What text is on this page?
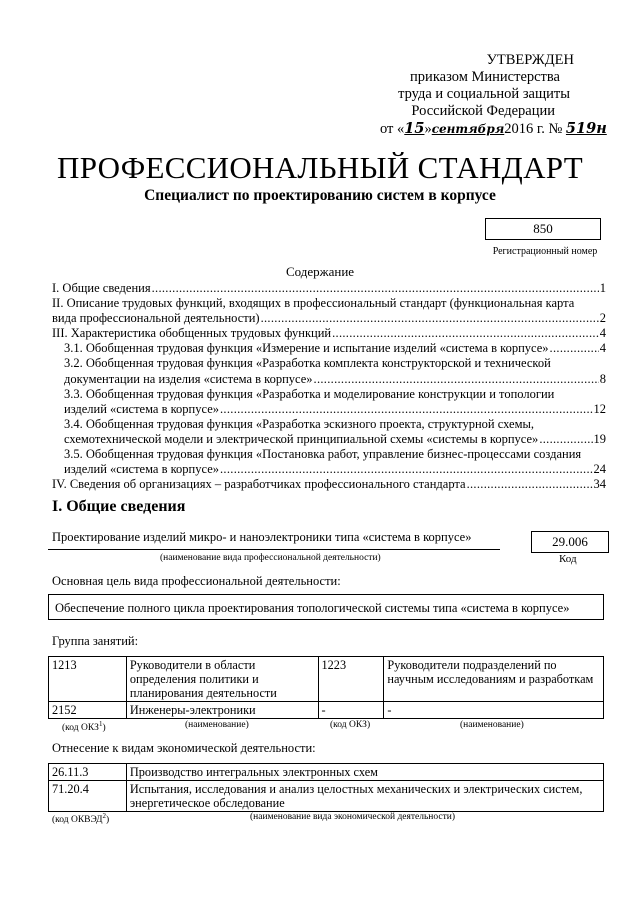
УТВЕРЖДЕН
приказом Министерства
труда и социальной защиты
Российской Федерации
от «15»сентября2016 г. № 519н
ПРОФЕССИОНАЛЬНЫЙ СТАНДАРТ
Специалист по проектированию систем в корпусе
850
Регистрационный номер
Содержание
I. Общие сведения .....	1
II. Описание трудовых функций, входящих в профессиональный стандарт (функциональная карта
вида профессиональной деятельности) .....	2
III. Характеристика обобщенных трудовых функций .....	4
3.1. Обобщенная трудовая функция «Измерение и испытание изделий «система в корпусе» .....	4
3.2. Обобщенная трудовая функция «Разработка комплекта конструкторской и технической
документации на изделия «система в корпусе» .....	8
3.3. Обобщенная трудовая функция «Разработка и моделирование конструкции и топологии
изделий «система в корпусе» .....	12
3.4. Обобщенная трудовая функция «Разработка эскизного проекта, структурной схемы,
схемотехнической модели и электрической принципиальной схемы «системы в корпусе» .....	19
3.5. Обобщенная трудовая функция «Постановка работ, управление бизнес-процессами создания
изделий «система в корпусе» .....	24
IV. Сведения об организациях – разработчиках профессионального стандарта .....	34
I. Общие сведения
Проектирование изделий микро- и наноэлектроники типа «система в корпусе»
(наименование вида профессиональной деятельности)
29.006
Код
Основная цель вида профессиональной деятельности:
Обеспечение полного цикла проектирования топологической системы типа «система в корпусе»
Группа занятий:
1213	Руководители в области определения политики и планирования деятельности	1223	Руководители подразделений по научным исследованиям и разработкам
2152	Инженеры-электроники	-	-
(код ОКЗ$^1$)	(наименование)	(код ОКЗ)	(наименование)
Отнесение к видам экономической деятельности:
26.11.3	Производство интегральных электронных схем
71.20.4	Испытания, исследования и анализ целостных механических и электрических систем, энергетическое обследование
(код ОКВЭД$^2$)	(наименование вида экономической деятельности)
